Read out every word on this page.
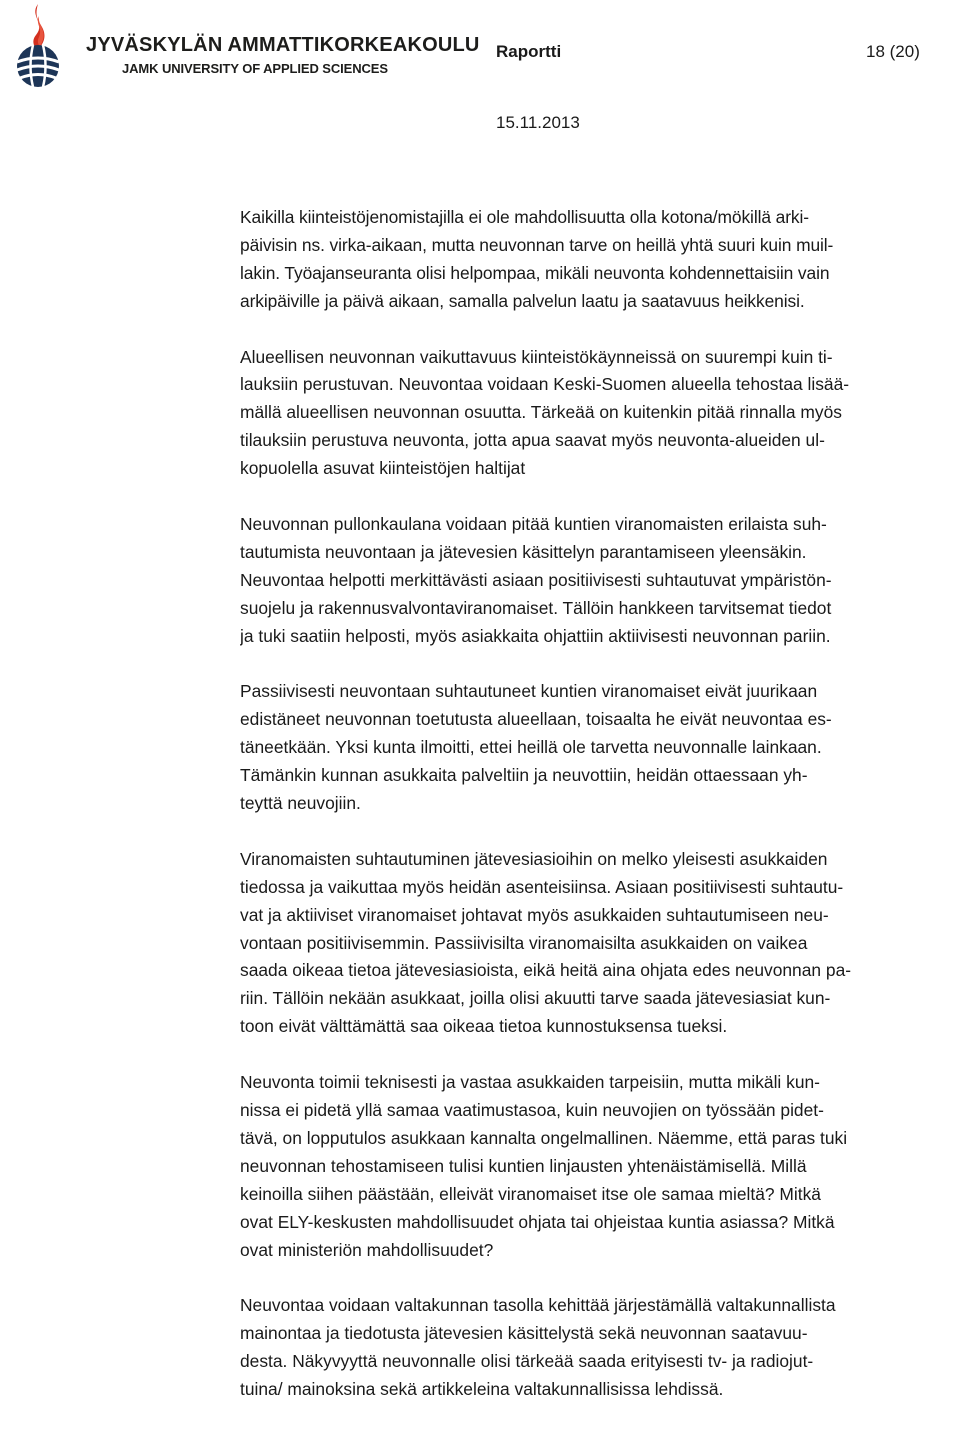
JYVÄSKYLÄN AMMATTIKORKEAKOULU
JAMK UNIVERSITY OF APPLIED SCIENCES
Raportti	18 (20)
15.11.2013

Kaikilla kiinteistöjenomistajilla ei ole mahdollisuutta olla kotona/mökillä arki-
päivisin ns. virka-aikaan, mutta neuvonnan tarve on heillä yhtä suuri kuin muil-
lakin. Työajanseuranta olisi helpompaa, mikäli neuvonta kohdennettaisiin vain
arkipäiville ja päivä aikaan, samalla palvelun laatu ja saatavuus heikkenisi.

Alueellisen neuvonnan vaikuttavuus kiinteistökäynneissä on suurempi kuin ti-
lauksiin perustuvan. Neuvontaa voidaan Keski-Suomen alueella tehostaa lisää-
mällä alueellisen neuvonnan osuutta. Tärkeää on kuitenkin pitää rinnalla myös
tilauksiin perustuva neuvonta, jotta apua saavat myös neuvonta-alueiden ul-
kopuolella asuvat kiinteistöjen haltijat

Neuvonnan pullonkaulana voidaan pitää kuntien viranomaisten erilaista suh-
tautumista neuvontaan ja jätevesien käsittelyn parantamiseen yleensäkin.
Neuvontaa helpotti merkittävästi asiaan positiivisesti suhtautuvat ympäristön-
suojelu ja rakennusvalvontaviranomaiset. Tällöin hankkeen tarvitsemat tiedot
ja tuki saatiin helposti, myös asiakkaita ohjattiin aktiivisesti neuvonnan pariin.

Passiivisesti neuvontaan suhtautuneet kuntien viranomaiset eivät juurikaan
edistäneet neuvonnan toetutusta alueellaan, toisaalta he eivät neuvontaa es-
täneetkään. Yksi kunta ilmoitti, ettei heillä ole tarvetta neuvonnalle lainkaan.
Tämänkin kunnan asukkaita palveltiin ja neuvottiin, heidän ottaessaan yh-
teyttä neuvojiin.

Viranomaisten suhtautuminen jätevesiasioihin on melko yleisesti asukkaiden
tiedossa ja vaikuttaa myös heidän asenteisiinsa. Asiaan positiivisesti suhtautu-
vat ja aktiiviset viranomaiset johtavat myös asukkaiden suhtautumiseen neu-
vontaan positiivisemmin. Passiivisilta viranomaisilta asukkaiden on vaikea
saada oikeaa tietoa jätevesiasioista, eikä heitä aina ohjata edes neuvonnan pa-
riin. Tällöin nekään asukkaat, joilla olisi akuutti tarve saada jätevesiasiat kun-
toon eivät välttämättä saa oikeaa tietoa kunnostuksensa tueksi.

Neuvonta toimii teknisesti ja vastaa asukkaiden tarpeisiin, mutta mikäli kun-
nissa ei pidetä yllä samaa vaatimustasoa, kuin neuvojien on työssään pidet-
tävä, on lopputulos asukkaan kannalta ongelmallinen. Näemme, että paras tuki
neuvonnan tehostamiseen tulisi kuntien linjausten yhtenäistämisellä. Millä
keinoilla siihen päästään, elleivät viranomaiset itse ole samaa mieltä? Mitkä
ovat ELY-keskusten mahdollisuudet ohjata tai ohjeistaa kuntia asiassa? Mitkä
ovat ministeriön mahdollisuudet?

Neuvontaa voidaan valtakunnan tasolla kehittää järjestämällä valtakunnallista
mainontaa ja tiedotusta jätevesien käsittelystä sekä neuvonnan saatavuu-
desta. Näkyvyyttä neuvonnalle olisi tärkeää saada erityisesti tv- ja radiojut-
tuina/ mainoksina sekä artikkeleina valtakunnallisissa lehdissä.
